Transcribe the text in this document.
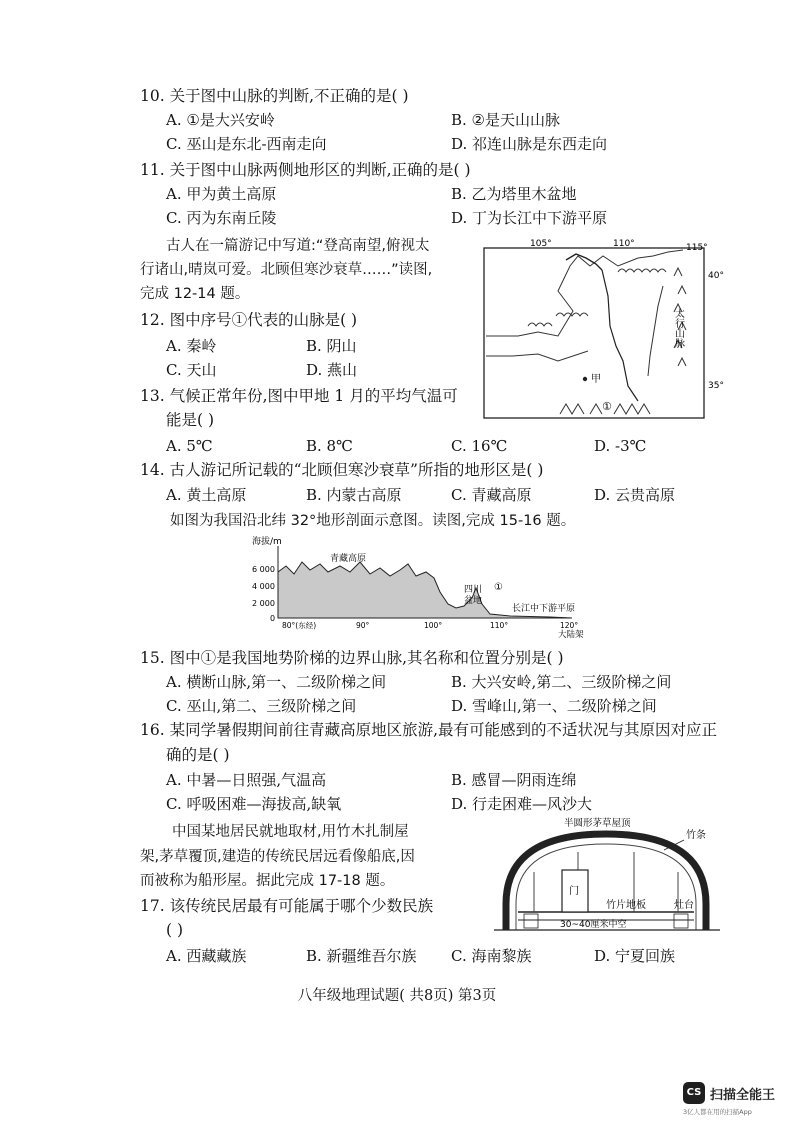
10. 关于图中山脉的判断,不正确的是( )
A. ①是大兴安岭	B. ②是天山山脉
C. 巫山是东北-西南走向	D. 祁连山脉是东西走向
11. 关于图中山脉两侧地形区的判断,正确的是( )
A. 甲为黄土高原	B. 乙为塔里木盆地
C. 丙为东南丘陵	D. 丁为长江中下游平原
古人在一篇游记中写道:“登高南望,俯视太
行诸山,晴岚可爱。北顾但寒沙衰草……”读图,
完成 12-14 题。
105°	110°	115°
40°
35°
太行山脉
甲
①
12. 图中序号①代表的山脉是( )
A. 秦岭	B. 阴山
C. 天山	D. 燕山
13. 气候正常年份,图中甲地 1 月的平均气温可
能是( )
A. 5℃	B. 8℃	C. 16℃	D. -3℃
14. 古人游记所记载的“北顾但寒沙衰草”所指的地形区是( )
A. 黄土高原	B. 内蒙古高原	C. 青藏高原	D. 云贵高原
如图为我国沿北纬 32°地形剖面示意图。读图,完成 15-16 题。
海拔/m
6 000
4 000
2 000
0
青藏高原
四川
盆地
①
长江中下游平原
80°(东经)	90°	100°	110°	120°
大陆架
15. 图中①是我国地势阶梯的边界山脉,其名称和位置分别是( )
A. 横断山脉,第一、二级阶梯之间	B. 大兴安岭,第二、三级阶梯之间
C. 巫山,第二、三级阶梯之间	D. 雪峰山,第一、二级阶梯之间
16. 某同学暑假期间前往青藏高原地区旅游,最有可能感到的不适状况与其原因对应正
确的是( )
A. 中暑—日照强,气温高	B. 感冒—阴雨连绵
C. 呼吸困难—海拔高,缺氧	D. 行走困难—风沙大
中国某地居民就地取材,用竹木扎制屋
架,茅草覆顶,建造的传统民居远看像船底,因
而被称为船形屋。据此完成 17-18 题。
门
竹片地板	灶台
30~40厘米中空
半圆形茅草屋顶
竹条
17. 该传统民居最有可能属于哪个少数民族
( )
A. 西藏藏族	B. 新疆维吾尔族 C. 海南黎族	D. 宁夏回族
八年级地理试题( 共8页) 第3页
CS 扫描全能王
3亿人都在用的扫描App
